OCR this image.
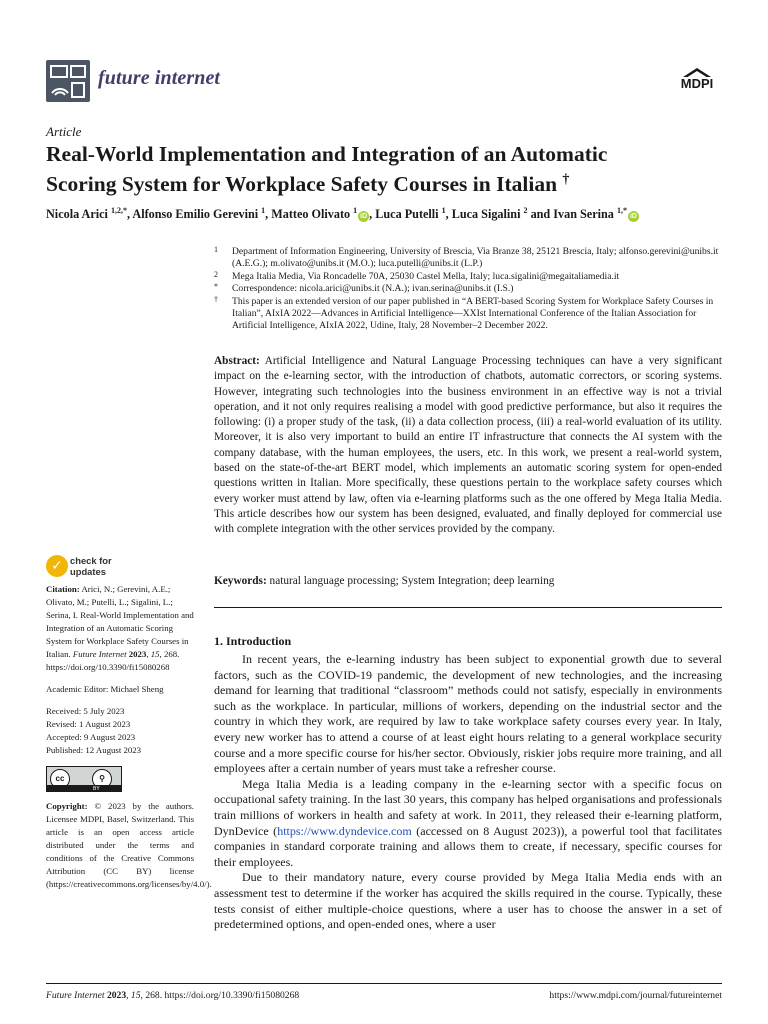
future internet	MDPI
Article
Real-World Implementation and Integration of an Automatic
Scoring System for Workplace Safety Courses in Italian †
Nicola Arici $^{1,2,*}$, Alfonso Emilio Gerevini $^1$, Matteo Olivato $^1$iD , Luca Putelli $^1$, Luca Sigalini $^2$ and Ivan Serina $^{1,*}$iD
1 Department of Information Engineering, University of Brescia, Via Branze 38, 25121 Brescia, Italy; alfonso.gerevini@unibs.it (A.E.G.); m.olivato@unibs.it (M.O.); luca.putelli@unibs.it (L.P.)
2 Mega Italia Media, Via Roncadelle 70A, 25030 Castel Mella, Italy; luca.sigalini@megaitaliamedia.it
* Correspondence: nicola.arici@unibs.it (N.A.); ivan.serina@unibs.it (I.S.)
† This paper is an extended version of our paper published in “A BERT-based Scoring System for Workplace Safety Courses in Italian”, AIxIA 2022—Advances in Artificial Intelligence—XXIst International Conference of the Italian Association for Artificial Intelligence, AIxIA 2022, Udine, Italy, 28 November–2 December 2022.

Abstract: Artificial Intelligence and Natural Language Processing techniques can have a very significant impact on the e-learning sector, with the introduction of chatbots, automatic correctors, or scoring systems. However, integrating such technologies into the business environment in an effective way is not a trivial operation, and it not only requires realising a model with good predictive performance, but also it requires the following: (i) a proper study of the task, (ii) a data collection process, (iii) a real-world evaluation of its utility. Moreover, it is also very important to build an entire IT infrastructure that connects the AI system with the company database, with the human employees, the users, etc. In this work, we present a real-world system, based on the state-of-the-art BERT model, which implements an automatic scoring system for open-ended questions written in Italian. More specifically, these questions pertain to the workplace safety courses which every worker must attend by law, often via e-learning platforms such as the one offered by Mega Italia Media. This article describes how our system has been designed, evaluated, and finally deployed for commercial use with complete integration with the other services provided by the company.

Keywords: natural language processing; System Integration; deep learning
1. Introduction

In recent years, the e-learning industry has been subject to exponential growth due to several factors, such as the COVID-19 pandemic, the development of new technologies, and the increasing demand for learning that traditional “classroom” methods could not satisfy, especially in environments such as the workplace. In particular, millions of workers, depending on the industrial sector and the country in which they work, are required by law to take workplace safety courses every year. In Italy, every new worker has to attend a course of at least eight hours relating to a general workplace security course and a more specific course for his/her sector. Obviously, riskier jobs require more training, and all employees after a certain number of years must take a refresher course.

Mega Italia Media is a leading company in the e-learning sector with a specific focus on occupational safety training. In the last 30 years, this company has helped organisations and professionals train millions of workers in health and safety at work. In 2011, they released their e-learning platform, DynDevice (https://www.dyndevice.com (accessed on 8 August 2023)), a powerful tool that facilitates companies in standard corporate training and allows them to create, if necessary, specific courses for their employees.

Due to their mandatory nature, every course provided by Mega Italia Media ends with an assessment test to determine if the worker has acquired the skills required in the course. Typically, these tests consist of either multiple-choice questions, where a user has to choose the answer in a set of predetermined options, and open-ended ones, where a user

✓ check for
updates
Citation: Arici, N.; Gerevini, A.E.; Olivato, M.; Putelli, L.; Sigalini, L.; Serina, I. Real-World Implementation and Integration of an Automatic Scoring System for Workplace Safety Courses in Italian. Future Internet 2023, 15, 268. https://doi.org/10.3390/fi15080268
Academic Editor: Michael Sheng
Received: 5 July 2023
Revised: 1 August 2023
Accepted: 9 August 2023
Published: 12 August 2023
cc	⚲
BY
Copyright: © 2023 by the authors. Licensee MDPI, Basel, Switzerland. This article is an open access article distributed under the terms and conditions of the Creative Commons Attribution (CC BY) license (https://creativecommons.org/licenses/by/4.0/).
Future Internet 2023, 15, 268. https://doi.org/10.3390/fi15080268	https://www.mdpi.com/journal/futureinternet
